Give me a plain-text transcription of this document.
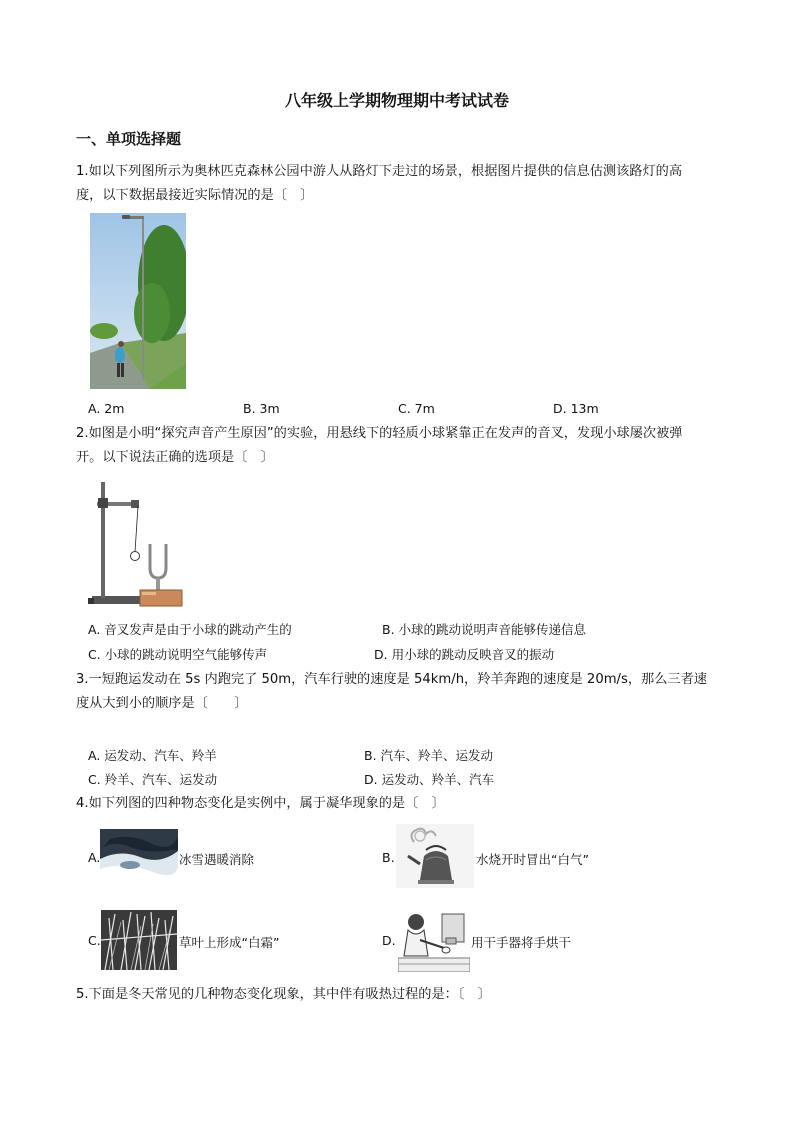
八年级上学期物理期中考试试卷
一、单项选择题
1.如以下列图所示为奥林匹克森林公园中游人从路灯下走过的场景，根据图片提供的信息估测该路灯的高
度，以下数据最接近实际情况的是〔　〕
A. 2m	B. 3m	C. 7m	D. 13m
2.如图是小明“探究声音产生原因”的实验，用悬线下的轻质小球紧靠正在发声的音叉，发现小球屡次被弹
开。以下说法正确的选项是〔　〕
A. 音叉发声是由于小球的跳动产生的	B. 小球的跳动说明声音能够传递信息
C. 小球的跳动说明空气能够传声	D. 用小球的跳动反映音叉的振动
3.一短跑运发动在 5s 内跑完了 50m，汽车行驶的速度是 54km/h，羚羊奔跑的速度是 20m/s，那么三者速
度从大到小的顺序是〔　　〕
A. 运发动、汽车、羚羊	B. 汽车、羚羊、运发动
C. 羚羊、汽车、运发动	D. 运发动、羚羊、汽车
4.如下列图的四种物态变化是实例中，属于凝华现象的是〔　〕
A.	冰雪遇暖消除	B.	水烧开时冒出“白气”
C.	草叶上形成“白霜”	D.	用干手器将手烘干
5.下面是冬天常见的几种物态变化现象，其中伴有吸热过程的是：〔　〕
